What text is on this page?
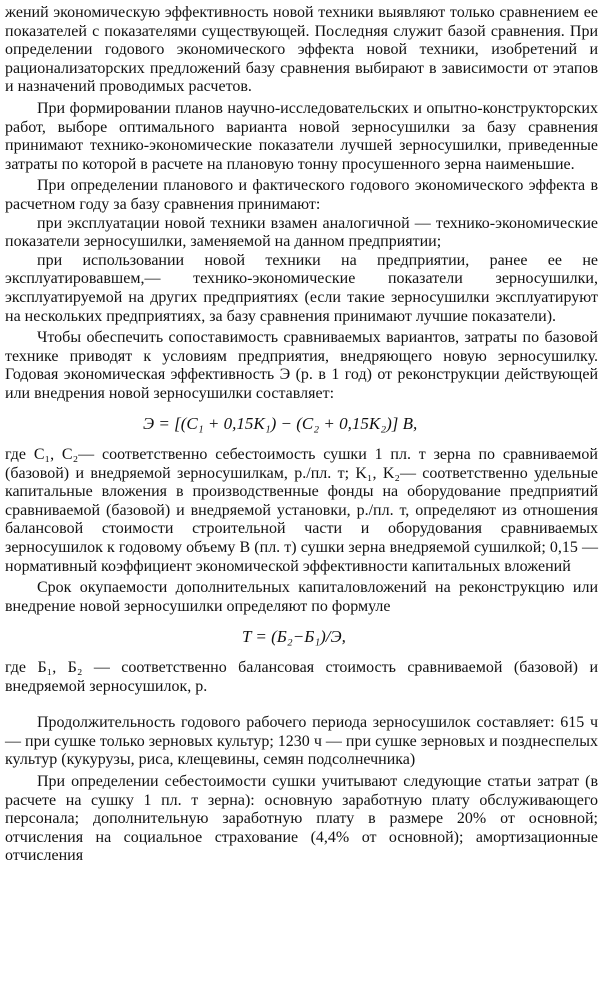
жений экономическую эффективность новой техники выявляют только сравнением ее показателей с показателями существующей. Последняя служит базой сравнения. При определении годового экономического эффекта новой техники, изобретений и рационализаторских предложений базу сравнения выбирают в зависимости от этапов и назначений проводимых расчетов.

При формировании планов научно-исследовательских и опытно-конструкторских работ, выборе оптимального варианта новой зерносушилки за базу сравнения принимают технико-экономические показатели лучшей зерносушилки, приведенные затраты по которой в расчете на плановую тонну просушенного зерна наименьшие.

При определении планового и фактического годового экономического эффекта в расчетном году за базу сравнения принимают:

при эксплуатации новой техники взамен аналогичной — технико-экономические показатели зерносушилки, заменяемой на данном предприятии;

при использовании новой техники на предприятии, ранее ее не эксплуатировавшем,— технико-экономические показатели зерносушилки, эксплуатируемой на других предприятиях (если такие зерносушилки эксплуатируют на нескольких предприятиях, за базу сравнения принимают лучшие показатели).

Чтобы обеспечить сопоставимость сравниваемых вариантов, затраты по базовой технике приводят к условиям предприятия, внедряющего новую зерносушилку. Годовая экономическая эффективность Э (р. в 1 год) от реконструкции действующей или внедрения новой зерносушилки составляет:

Э = [(C₁ + 0,15K₁) − (C₂ + 0,15K₂)] B,

где C₁, C₂— соответственно себестоимость сушки 1 пл. т зерна по сравниваемой (базовой) и внедряемой зерносушилкам, р./пл. т; K₁, K₂— соответственно удельные капитальные вложения в производственные фонды на оборудование предприятий сравниваемой (базовой) и внедряемой установки, р./пл. т, определяют из отношения балансовой стоимости строительной части и оборудования сравниваемых зерносушилок к годовому объему В (пл. т) сушки зерна внедряемой сушилкой; 0,15 — нормативный коэффициент экономической эффективности капитальных вложений

Срок окупаемости дополнительных капиталовложений на реконструкцию или внедрение новой зерносушилки определяют по формуле

T = (Б₂−Б₁)/Э,

где Б₁, Б₂ — соответственно балансовая стоимость сравниваемой (базовой) и внедряемой зерносушилок, р.

Продолжительность годового рабочего периода зерносушилок составляет: 615 ч — при сушке только зерновых культур; 1230 ч — при сушке зерновых и позднеспелых культур (кукурузы, риса, клещевины, семян подсолнечника)

При определении себестоимости сушки учитывают следующие статьи затрат (в расчете на сушку 1 пл. т зерна): основную заработную плату обслуживающего персонала; дополнительную заработную плату в размере 20% от основной; отчисления на социальное страхование (4,4% от основной); амортизационные отчисления
